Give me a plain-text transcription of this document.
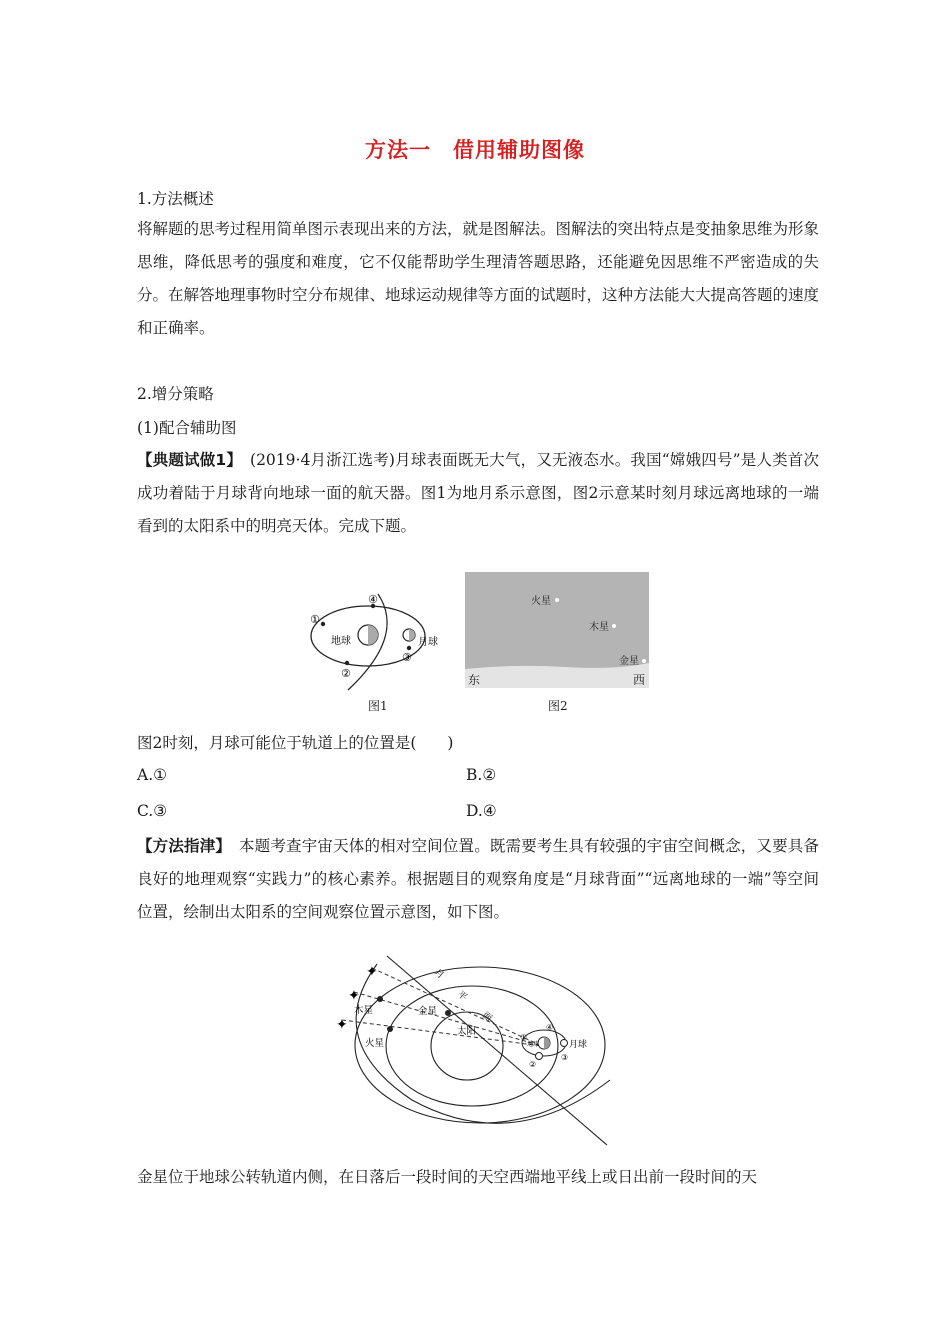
方法一　借用辅助图像
1.方法概述
将解题的思考过程用简单图示表现出来的方法，就是图解法。图解法的突出特点是变抽象思维为形象思维，降低思考的强度和难度，它不仅能帮助学生理清答题思路，还能避免因思维不严密造成的失分。在解答地理事物时空分布规律、地球运动规律等方面的试题时，这种方法能大大提高答题的速度和正确率。
2.增分策略
(1)配合辅助图
【典题试做1】　(2019·4月浙江选考)月球表面既无大气，又无液态水。我国“嫦娥四号”是人类首次成功着陆于月球背向地球一面的航天器。图1为地月系示意图，图2示意某时刻月球远离地球的一端看到的太阳系中的明亮天体。完成下题。
①
④
②
③
地球	月球
图1
火星
木星
金星
东	西
图2
图2时刻，月球可能位于轨道上的位置是(　　)
A.①	B.②
C.③	D.④
【方法指津】　本题考查宇宙天体的相对空间位置。既需要考生具有较强的宇宙空间概念，又要具备良好的地理观察“实践力”的核心素养。根据题目的观察角度是“月球背面”“远离地球的一端”等空间位置，绘制出太阳系的空间观察位置示意图，如下图。
✦
✦
✦
木星
火星
金星
太阳
月
平
面
①
④
②
③
地球	月球
金星位于地球公转轨道内侧，在日落后一段时间的天空西端地平线上或日出前一段时间的天
